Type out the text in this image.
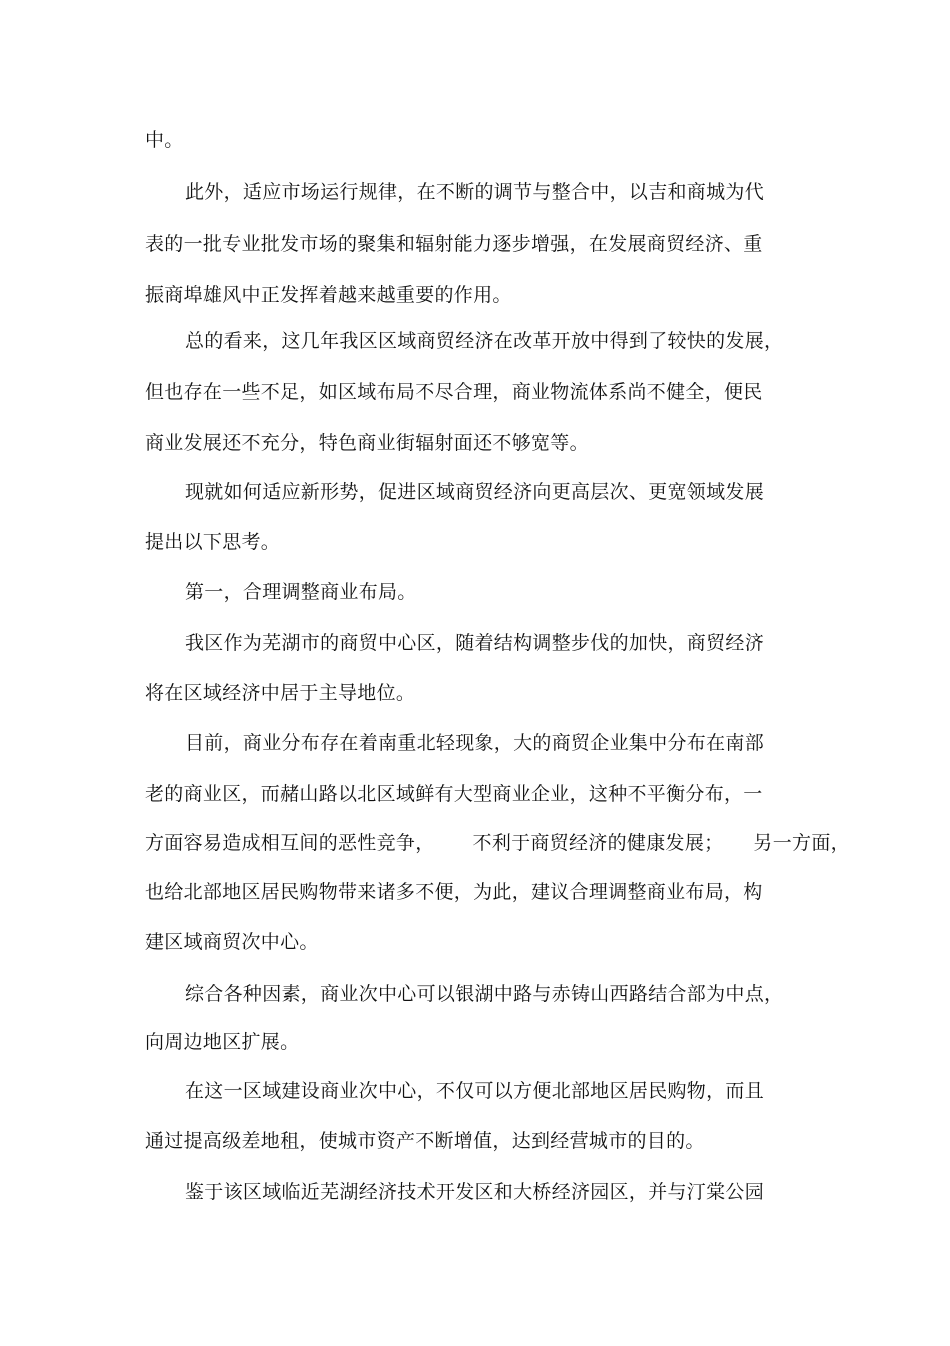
中。
此外，适应市场运行规律，在不断的调节与整合中，以吉和商城为代
表的一批专业批发市场的聚集和辐射能力逐步增强，在发展商贸经济、重
振商埠雄风中正发挥着越来越重要的作用。
总的看来，这几年我区区域商贸经济在改革开放中得到了较快的发展，
但也存在一些不足，如区域布局不尽合理，商业物流体系尚不健全，便民
商业发展还不充分，特色商业街辐射面还不够宽等。
现就如何适应新形势，促进区域商贸经济向更高层次、更宽领域发展
提出以下思考。
第一，合理调整商业布局。
我区作为芜湖市的商贸中心区，随着结构调整步伐的加快，商贸经济
将在区域经济中居于主导地位。
目前，商业分布存在着南重北轻现象，大的商贸企业集中分布在南部
老的商业区，而赭山路以北区域鲜有大型商业企业，这种不平衡分布，一
方面容易造成相互间的恶性竞争， 不利于商贸经济的健康发展； 另一方面，
也给北部地区居民购物带来诸多不便，为此，建议合理调整商业布局，构
建区域商贸次中心。
综合各种因素，商业次中心可以银湖中路与赤铸山西路结合部为中点，
向周边地区扩展。
在这一区域建设商业次中心，不仅可以方便北部地区居民购物，而且
通过提高级差地租，使城市资产不断增值，达到经营城市的目的。
鉴于该区域临近芜湖经济技术开发区和大桥经济园区，并与汀棠公园
